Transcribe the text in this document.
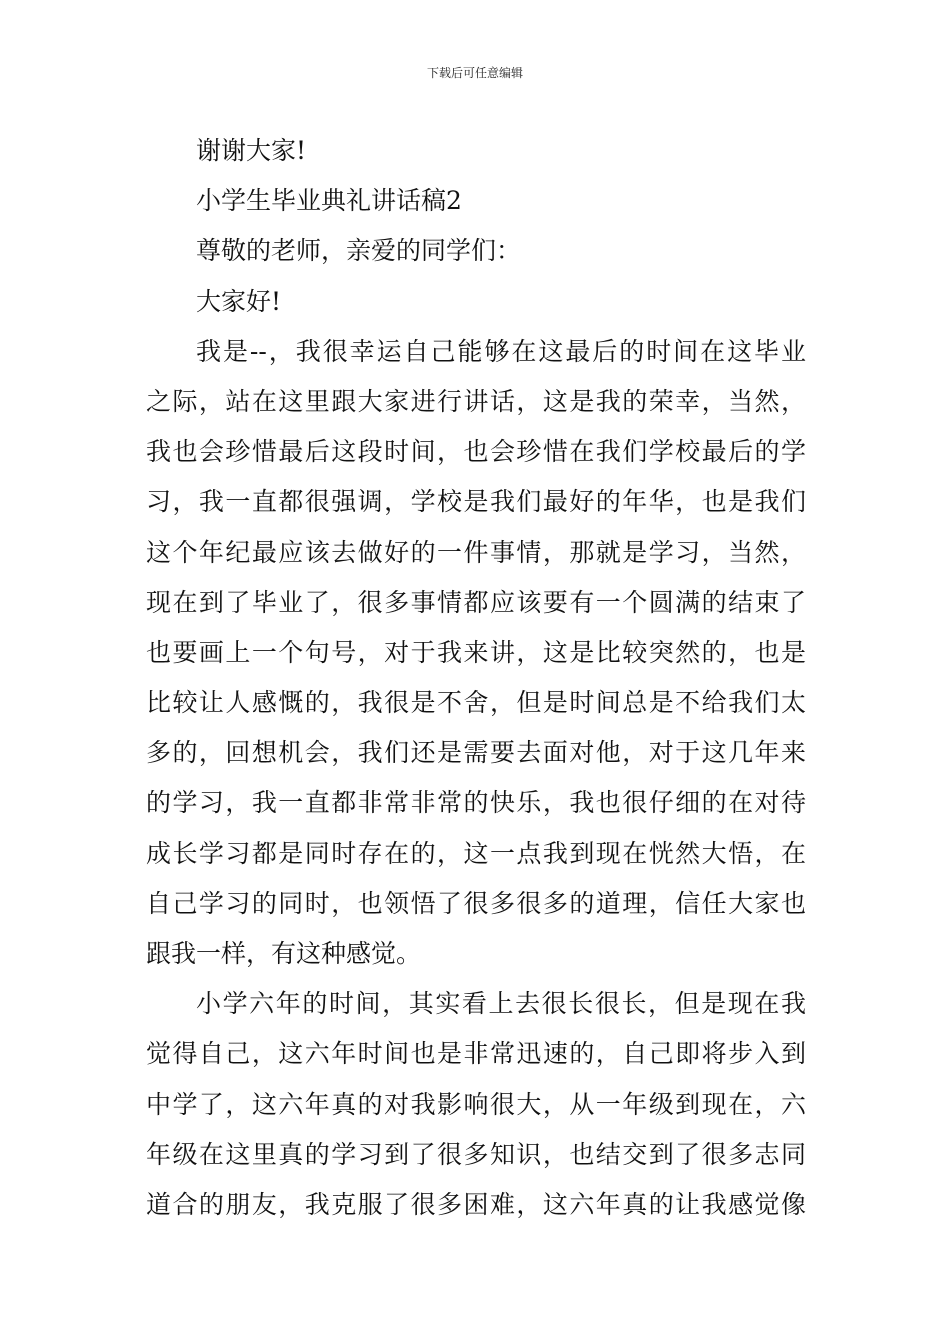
下载后可任意编辑
谢谢大家!
小学生毕业典礼讲话稿2
尊敬的老师，亲爱的同学们：
大家好!
我是--，我很幸运自己能够在这最后的时间在这毕业
之际，站在这里跟大家进行讲话，这是我的荣幸，当然，
我也会珍惜最后这段时间，也会珍惜在我们学校最后的学
习，我一直都很强调，学校是我们最好的年华，也是我们
这个年纪最应该去做好的一件事情，那就是学习，当然，
现在到了毕业了，很多事情都应该要有一个圆满的结束了
也要画上一个句号，对于我来讲，这是比较突然的，也是
比较让人感慨的，我很是不舍，但是时间总是不给我们太
多的，回想机会，我们还是需要去面对他，对于这几年来
的学习，我一直都非常非常的快乐，我也很仔细的在对待
成长学习都是同时存在的，这一点我到现在恍然大悟，在
自己学习的同时，也领悟了很多很多的道理，信任大家也
跟我一样，有这种感觉。
小学六年的时间，其实看上去很长很长，但是现在我
觉得自己，这六年时间也是非常迅速的，自己即将步入到
中学了，这六年真的对我影响很大，从一年级到现在，六
年级在这里真的学习到了很多知识，也结交到了很多志同
道合的朋友，我克服了很多困难，这六年真的让我感觉像
